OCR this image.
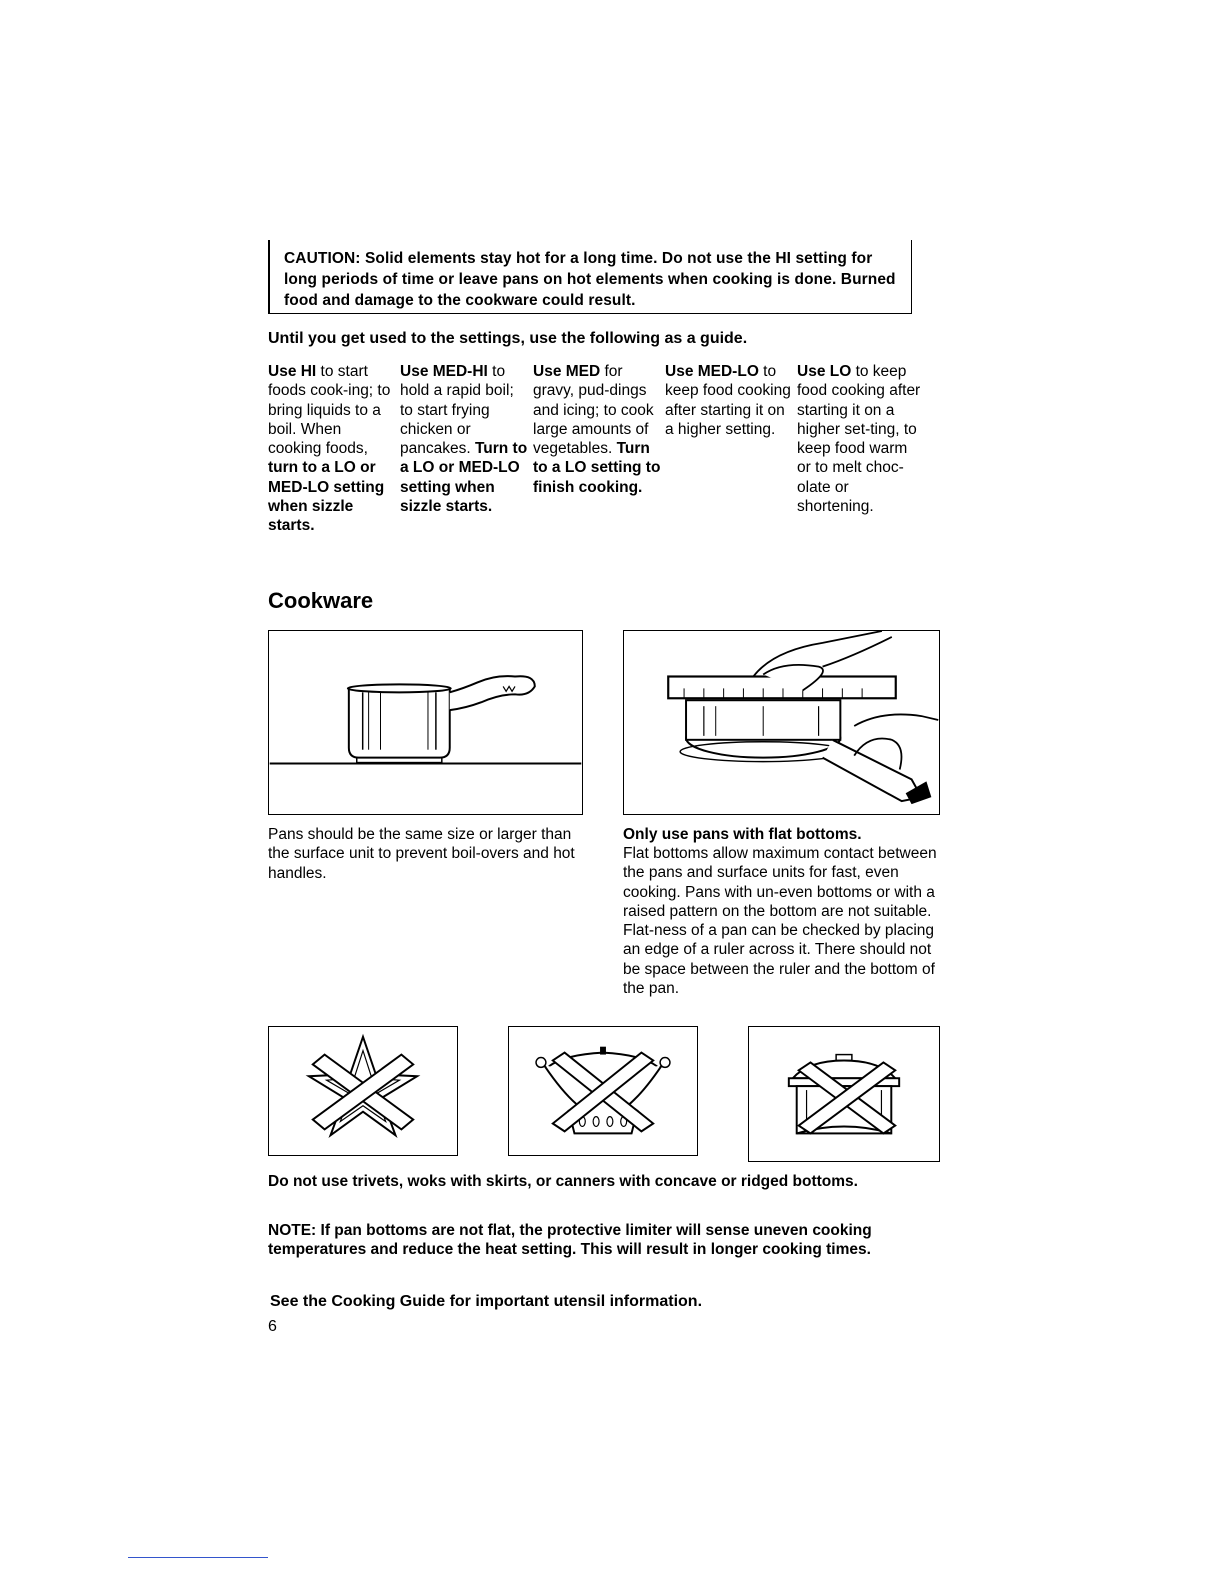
CAUTION: Solid elements stay hot for a long time. Do not use the HI setting for long periods of time or leave pans on hot elements when cooking is done. Burned food and damage to the cookware could result.

Until you get used to the settings, use the following as a guide.

Use HI to start foods cook-ing; to bring liquids to a boil. When cooking foods, turn to a LO or MED-LO setting when sizzle starts.

Use MED-HI to hold a rapid boil; to start frying chicken or pancakes. Turn to a LO or MED-LO setting when sizzle starts.

Use MED for gravy, pud-dings and icing; to cook large amounts of vegetables. Turn to a LO setting to finish cooking.

Use MED-LO to keep food cooking after starting it on a higher setting.

Use LO to keep food cooking after starting it on a higher set-ting, to keep food warm or to melt choc-olate or shortening.

Cookware

Pans should be the same size or larger than the surface unit to prevent boil-overs and hot handles.

Only use pans with flat bottoms.

Flat bottoms allow maximum contact between the pans and surface units for fast, even cooking. Pans with un-even bottoms or with a raised pattern on the bottom are not suitable. Flat-ness of a pan can be checked by placing an edge of a ruler across it. There should not be space between the ruler and the bottom of the pan.

Do not use trivets, woks with skirts, or canners with concave or ridged bottoms.

NOTE: If pan bottoms are not flat, the protective limiter will sense uneven cooking temperatures and reduce the heat setting. This will result in longer cooking times.

See the Cooking Guide for important utensil information.

6
